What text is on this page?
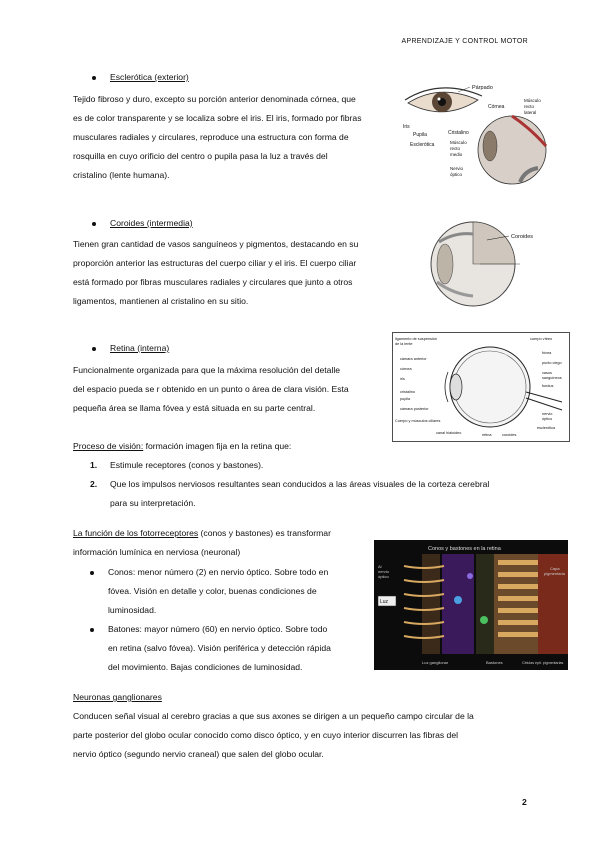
APRENDIZAJE Y CONTROL MOTOR
Esclerótica (exterior)
Tejido fibroso y duro, excepto su porción anterior denominada córnea, que
es de color transparente y se localiza sobre el iris. El iris, formado por fibras
musculares radiales y circulares, reproduce una estructura con forma de
rosquilla en cuyo orificio del centro o pupila pasa la luz a través del
cristalino (lente humana).
Párpado
Córnea
Músculo
recto
lateral
Iris
Pupila	Cristalino
Esclerótica	Músculo
recto
medio
Nervio
óptico
Coroides (intermedia)
Tienen gran cantidad de vasos sanguíneos y pigmentos, destacando en su
proporción anterior las estructuras del cuerpo ciliar y el iris. El cuerpo ciliar
está formado por fibras musculares radiales y circulares que junto a otros
ligamentos, mantienen al cristalino en su sitio.
Coroides
Retina (interna)
Funcionalmente organizada para que la máxima resolución del detalle
del espacio pueda se r obtenido en un punto o área de clara visión. Esta
pequeña área se llama fóvea y está situada en su parte central.
ligamento de suspensión
de la lente
cámara anterior
córnea
iris
cristalino
pupila
cámara posterior
Cuerpo y músculos ciliares
canal hialoideo	retina	coroides
cuerpo vítreo
fóvea
punto ciego
vasos
sanguíneos
fundus
nervio
óptico
esclerótica
Proceso de visión: formación imagen fija en la retina que:
1.	Estimule receptores (conos y bastones).
2.	Que los impulsos nerviosos resultantes sean conducidos a las áreas visuales de la corteza cerebral
para su interpretación.
La función de los fotorreceptores (conos y bastones) es transformar
información lumínica en nerviosa (neuronal)
Conos: menor número (2) en nervio óptico. Sobre todo en
fóvea. Visión en detalle y color, buenas condiciones de
luminosidad.
Batones: mayor número (60) en nervio óptico. Sobre todo
en retina (salvo fóvea). Visión periférica y detección rápida
del movimiento. Bajas condiciones de luminosidad.
Conos y bastones en la retina
Luz
Al
nervio
óptico
Capa
pigmentaria
Luz ganglionar	Bastones	Células epit. pigmentarias
Neuronas ganglionares
Conducen señal visual al cerebro gracias a que sus axones se dirigen a un pequeño campo circular de la
parte posterior del globo ocular conocido como disco óptico, y en cuyo interior discurren las fibras del
nervio óptico (segundo nervio craneal) que salen del globo ocular.
2
